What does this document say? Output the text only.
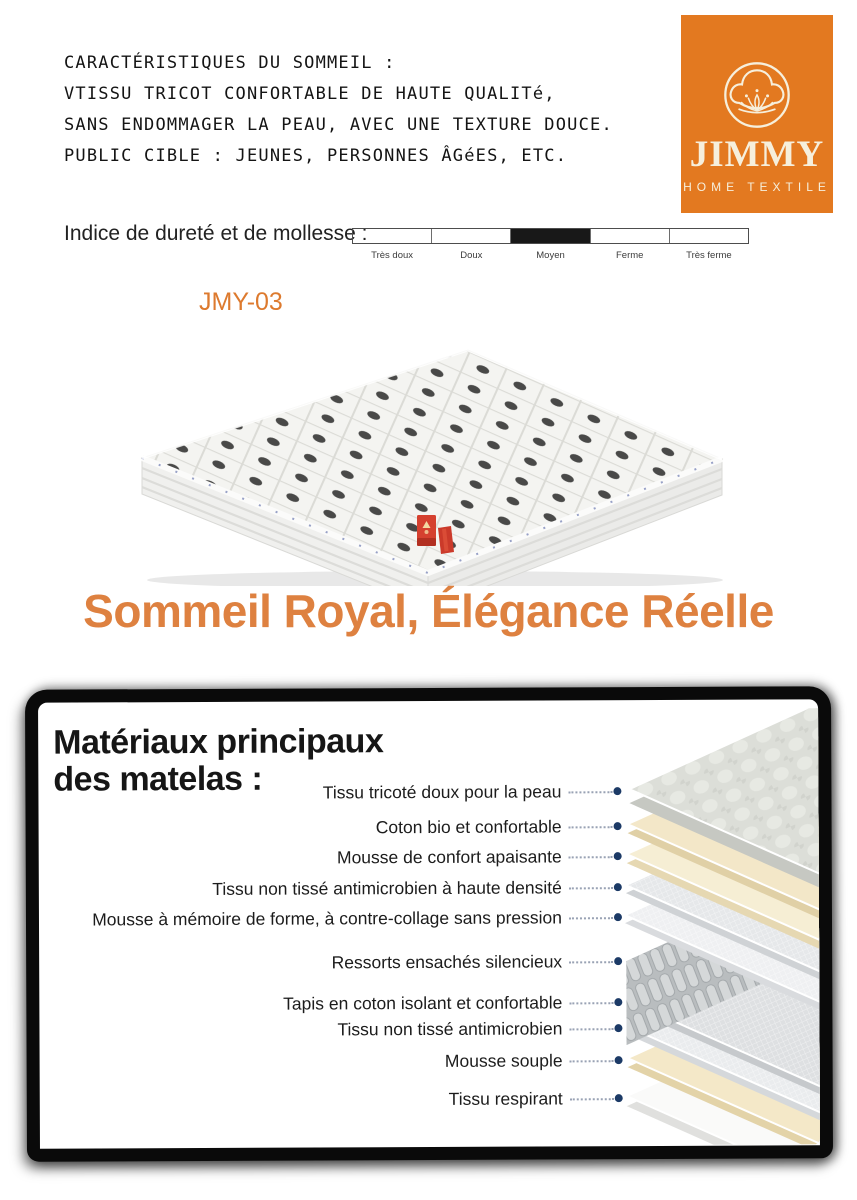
CARACTÉRISTIQUES DU SOMMEIL :
VTISSU TRICOT CONFORTABLE DE HAUTE QUALITé,
SANS ENDOMMAGER LA PEAU, AVEC UNE TEXTURE DOUCE.
PUBLIC CIBLE : JEUNES, PERSONNES ÂGéES, ETC.	JIMMY
HOME TEXTILE
Indice de dureté et de mollesse :
Très doux	Doux	Moyen	Ferme	Très ferme
JMY-03
Sommeil Royal, Élégance Réelle
Matériaux principaux
des matelas :	Tissu tricoté doux pour la peau
Coton bio et confortable
Mousse de confort apaisante
Tissu non tissé antimicrobien à haute densité
Mousse à mémoire de forme, à contre-collage sans pression
Ressorts ensachés silencieux
Tapis en coton isolant et confortable
Tissu non tissé antimicrobien
Mousse souple
Tissu respirant
